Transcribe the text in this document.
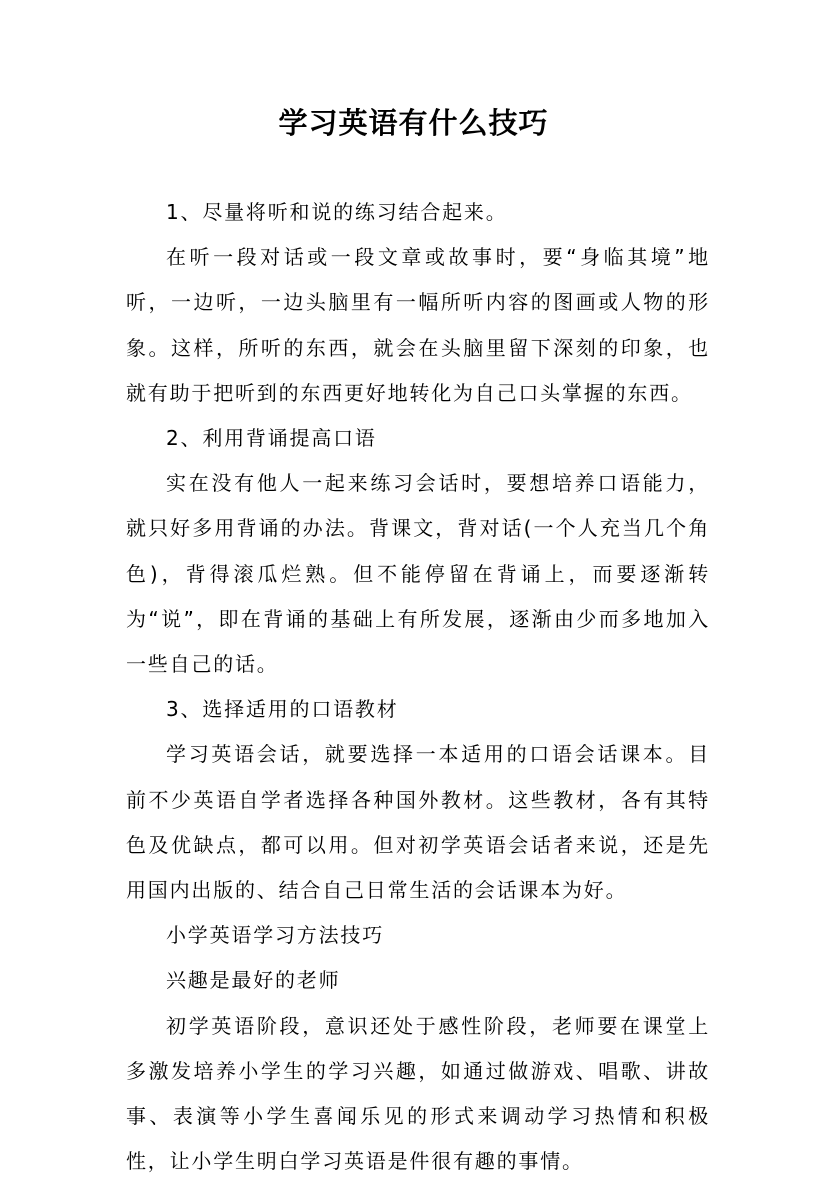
学习英语有什么技巧

1、尽量将听和说的练习结合起来。

在听一段对话或一段文章或故事时，要“身临其境”地听，一边听，一边头脑里有一幅所听内容的图画或人物的形象。这样，所听的东西，就会在头脑里留下深刻的印象，也就有助于把听到的东西更好地转化为自己口头掌握的东西。

2、利用背诵提高口语

实在没有他人一起来练习会话时，要想培养口语能力，就只好多用背诵的办法。背课文，背对话(一个人充当几个角色)，背得滚瓜烂熟。但不能停留在背诵上，而要逐渐转为“说”，即在背诵的基础上有所发展，逐渐由少而多地加入一些自己的话。

3、选择适用的口语教材

学习英语会话，就要选择一本适用的口语会话课本。目前不少英语自学者选择各种国外教材。这些教材，各有其特色及优缺点，都可以用。但对初学英语会话者来说，还是先用国内出版的、结合自己日常生活的会话课本为好。

小学英语学习方法技巧

兴趣是最好的老师

初学英语阶段，意识还处于感性阶段，老师要在课堂上多激发培养小学生的学习兴趣，如通过做游戏、唱歌、讲故事、表演等小学生喜闻乐见的形式来调动学习热情和积极性，让小学生明白学习英语是件很有趣的事情。
